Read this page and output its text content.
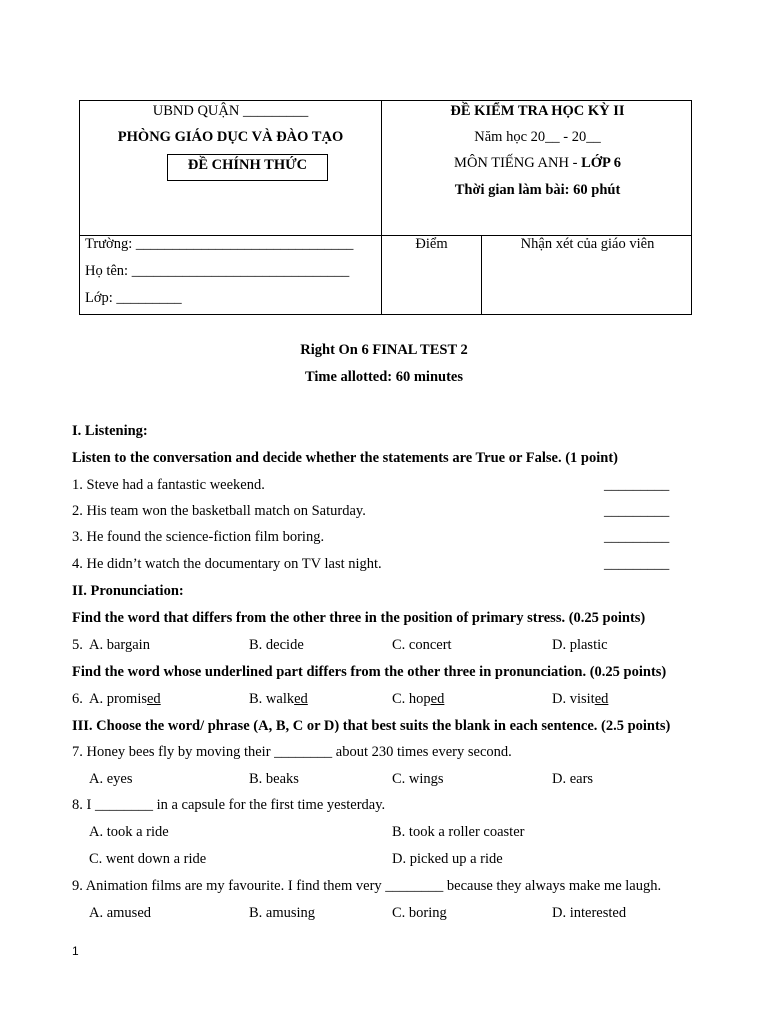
UBND QUẬN _________
PHÒNG GIÁO DỤC VÀ ĐÀO TẠO
ĐỀ CHÍNH THỨC
ĐỀ KIỂM TRA HỌC KỲ II
Năm học 20__ - 20__
MÔN TIẾNG ANH - LỚP 6
Thời gian làm bài: 60 phút
Trường: ______________________________
Họ tên: ______________________________
Lớp: _________
Điểm	Nhận xét của giáo viên
Right On 6 FINAL TEST 2
Time allotted: 60 minutes
I. Listening:
Listen to the conversation and decide whether the statements are True or False. (1 point)
1. Steve had a fantastic weekend.	_________
2. His team won the basketball match on Saturday.	_________
3. He found the science-fiction film boring.	_________
4. He didn’t watch the documentary on TV last night.	_________
II. Pronunciation:
Find the word that differs from the other three in the position of primary stress. (0.25 points)
5. A. bargain	B. decide	C. concert	D. plastic
Find the word whose underlined part differs from the other three in pronunciation. (0.25 points)
6. A. promised	B. walked	C. hoped	D. visited
III. Choose the word/ phrase (A, B, C or D) that best suits the blank in each sentence. (2.5 points)
7. Honey bees fly by moving their ________ about 230 times every second.
A. eyes	B. beaks	C. wings	D. ears
8. I ________ in a capsule for the first time yesterday.
A. took a ride	B. took a roller coaster
C. went down a ride	D. picked up a ride
9. Animation films are my favourite. I find them very ________ because they always make me laugh.
A. amused	B. amusing	C. boring	D. interested
1
